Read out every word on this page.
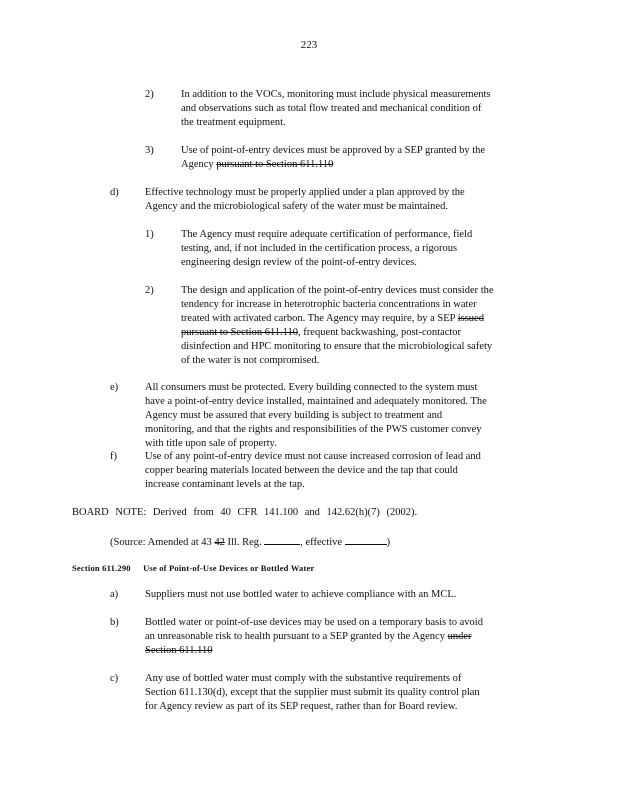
223
2)	In addition to the VOCs, monitoring must include physical measurements
and observations such as total flow treated and mechanical condition of
the treatment equipment.
3)	Use of point-of-entry devices must be approved by a SEP granted by the
Agency pursuant to Section 611.110
d)	Effective technology must be properly applied under a plan approved by the
Agency and the microbiological safety of the water must be maintained.
1)	The Agency must require adequate certification of performance, field
testing, and, if not included in the certification process, a rigorous
engineering design review of the point-of-entry devices.
2)	The design and application of the point-of-entry devices must consider the
tendency for increase in heterotrophic bacteria concentrations in water
treated with activated carbon. The Agency may require, by a SEP issued
pursuant to Section 611.110, frequent backwashing, post-contactor
disinfection and HPC monitoring to ensure that the microbiological safety
of the water is not compromised.
e)	All consumers must be protected. Every building connected to the system must
have a point-of-entry device installed, maintained and adequately monitored. The
Agency must be assured that every building is subject to treatment and
monitoring, and that the rights and responsibilities of the PWS customer convey
with title upon sale of property.
f)	Use of any point-of-entry device must not cause increased corrosion of lead and
copper bearing materials located between the device and the tap that could
increase contaminant levels at the tap.
BOARD NOTE: Derived from 40 CFR 141.100 and 142.62(h)(7) (2002).
(Source: Amended at 43 42 Ill. Reg.	, effective	)
Section 611.290 Use of Point-of-Use Devices or Bottled Water
a)	Suppliers must not use bottled water to achieve compliance with an MCL.
b)	Bottled water or point-of-use devices may be used on a temporary basis to avoid
an unreasonable risk to health pursuant to a SEP granted by the Agency under
Section 611.110
c)	Any use of bottled water must comply with the substantive requirements of
Section 611.130(d), except that the supplier must submit its quality control plan
for Agency review as part of its SEP request, rather than for Board review.
